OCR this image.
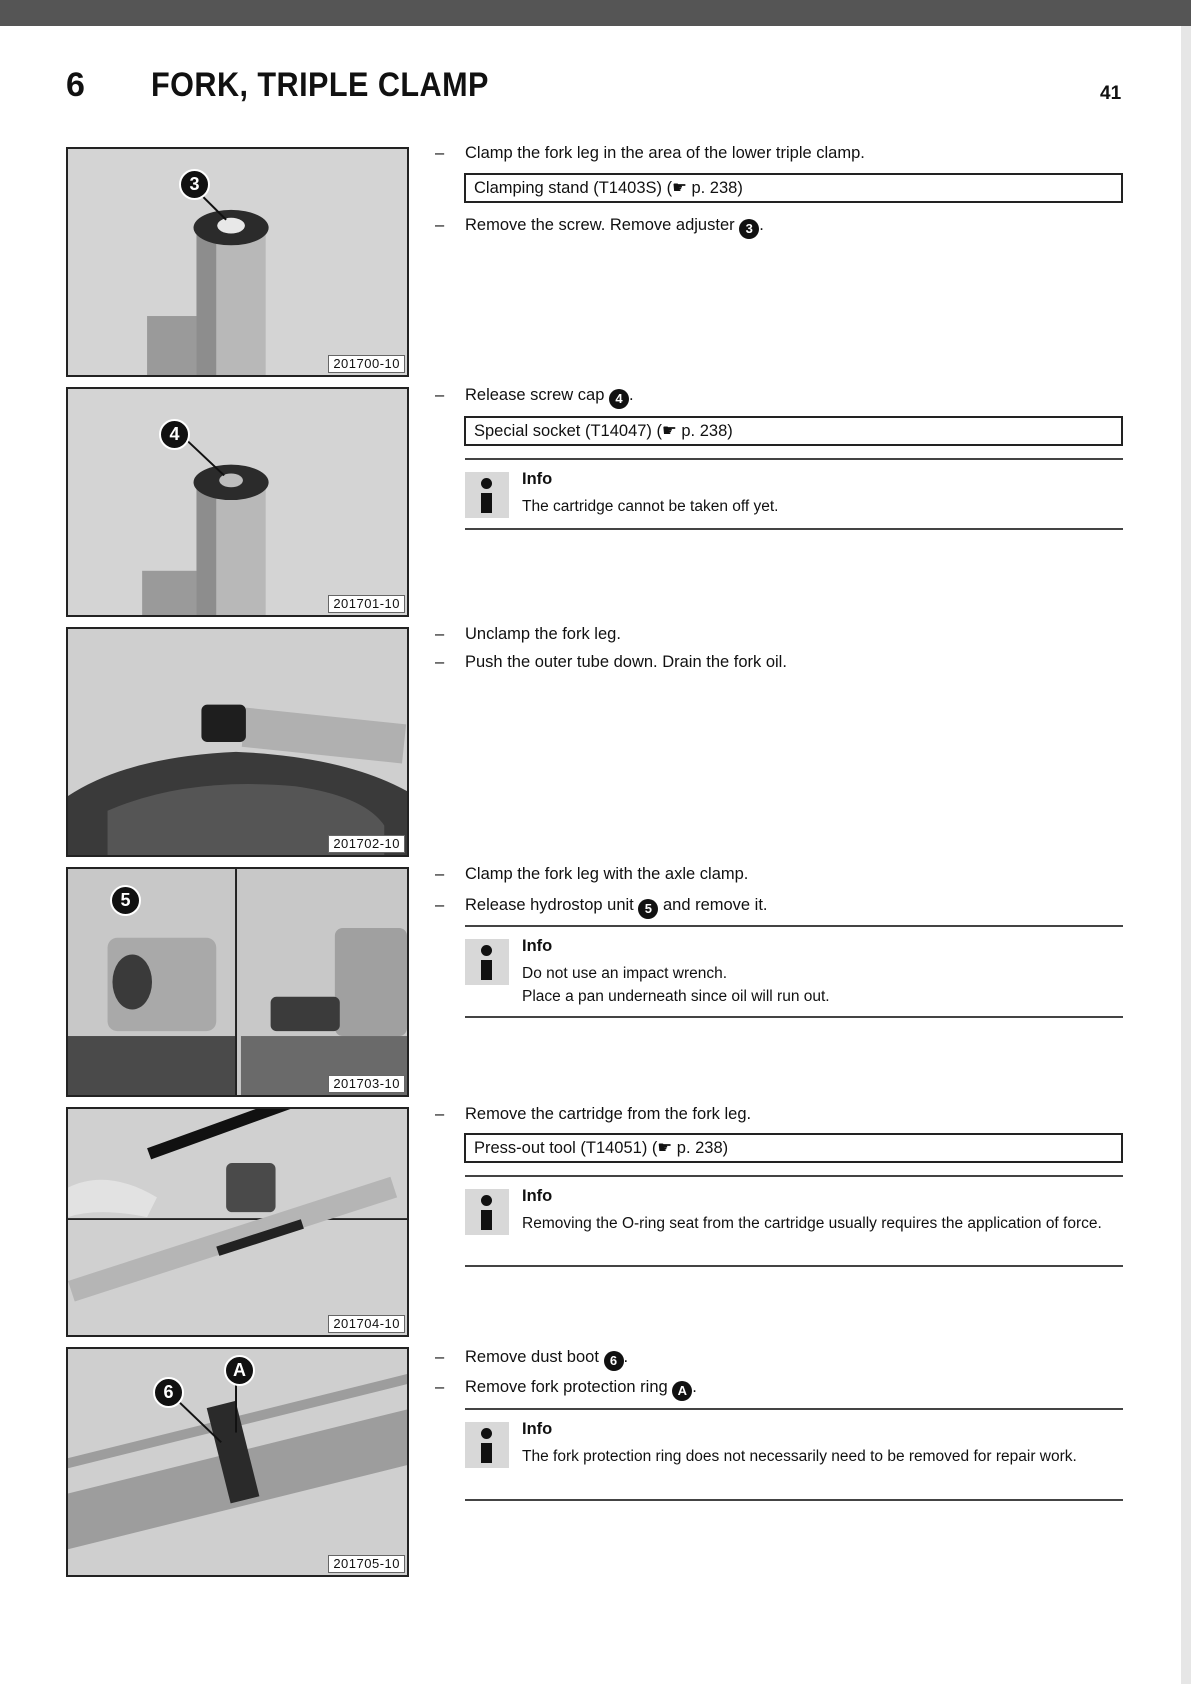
6 FORK, TRIPLE CLAMP	41
3
201700-10
4
201701-10
201702-10
5
201703-10
201704-10
6
A
201705-10
– Clamp the fork leg in the area of the lower triple clamp.
Clamping stand (T1403S) (☛ p. 238)
– Remove the screw. Remove adjuster 3 .
– Release screw cap 4 .
Special socket (T14047) (☛ p. 238)
Info
The cartridge cannot be taken off yet.
– Unclamp the fork leg.
– Push the outer tube down. Drain the fork oil.
– Clamp the fork leg with the axle clamp.
– Release hydrostop unit 5 and remove it.
Info
Do not use an impact wrench.
Place a pan underneath since oil will run out.
– Remove the cartridge from the fork leg.
Press-out tool (T14051) (☛ p. 238)
Info
Removing the O-ring seat from the cartridge usually requires the application of force.
– Remove dust boot 6 .
– Remove fork protection ring A .
Info
The fork protection ring does not necessarily need to be removed for repair work.
